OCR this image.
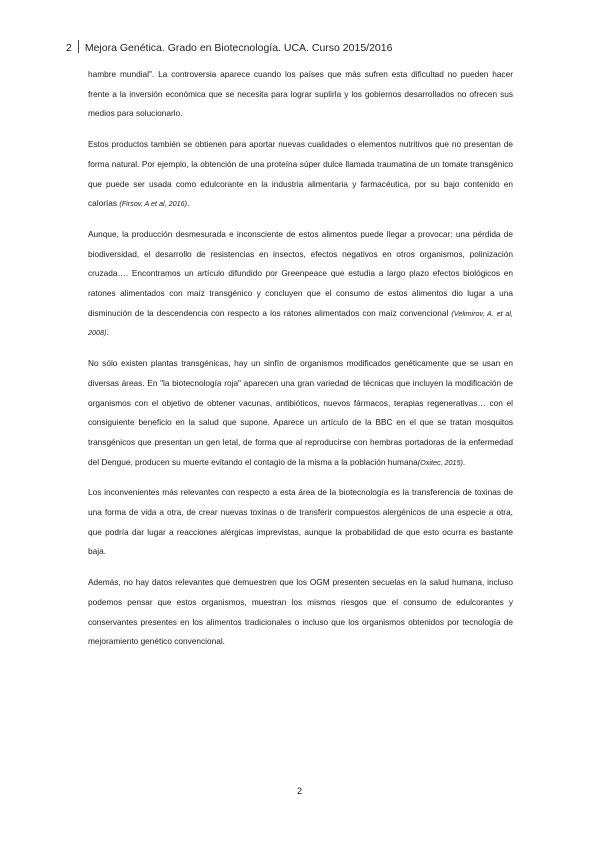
2 Mejora Genética. Grado en Biotecnología. UCA. Curso 2015/2016

hambre mundial". La controversia aparece cuando los países que más sufren esta dificultad no pueden hacer frente a la inversión económica que se necesita para lograr suplirla y los gobiernos desarrollados no ofrecen sus medios para solucionarlo.

Estos productos también se obtienen para aportar nuevas cualidades o elementos nutritivos que no presentan de forma natural. Por ejemplo, la obtención de una proteína súper dulce llamada traumatina de un tomate transgénico que puede ser usada como edulcorante en la industria alimentaria y farmacéutica, por su bajo contenido en calorías (Firsov, A et al, 2016).

Aunque, la producción desmesurada e inconsciente de estos alimentos puede llegar a provocar: una pérdida de biodiversidad, el desarrollo de resistencias en insectos, efectos negativos en otros organismos, polinización cruzada…. Encontramos un artículo difundido por Greenpeace que estudia a largo plazo efectos biológicos en ratones alimentados con maíz transgénico y concluyen que el consumo de estos alimentos dio lugar a una disminución de la descendencia con respecto a los ratones alimentados con maíz convencional (Velimirov, A. et al, 2008).

No sólo existen plantas transgénicas, hay un sinfín de organismos modificados genéticamente que se usan en diversas áreas. En "la biotecnología roja" aparecen una gran variedad de técnicas que incluyen la modificación de organismos con el objetivo de obtener vacunas, antibióticos, nuevos fármacos, terapias regenerativas… con el consiguiente beneficio en la salud que supone. Aparece un artículo de la BBC en el que se tratan mosquitos transgénicos que presentan un gen letal, de forma que al reproducirse con hembras portadoras de la enfermedad del Dengue, producen su muerte evitando el contagio de la misma a la población humana(Oxitec, 2015).

Los inconvenientes más relevantes con respecto a esta área de la biotecnología es la transferencia de toxinas de una forma de vida a otra, de crear nuevas toxinas o de transferir compuestos alergénicos de una especie a otra, que podría dar lugar a reacciones alérgicas imprevistas, aunque la probabilidad de que esto ocurra es bastante baja.

Además, no hay datos relevantes que demuestren que los OGM presenten secuelas en la salud humana, incluso podemos pensar que estos organismos, muestran los mismos riesgos que el consumo de edulcorantes y conservantes presentes en los alimentos tradicionales o incluso que los organismos obtenidos por tecnología de mejoramiento genético convencional.

2
